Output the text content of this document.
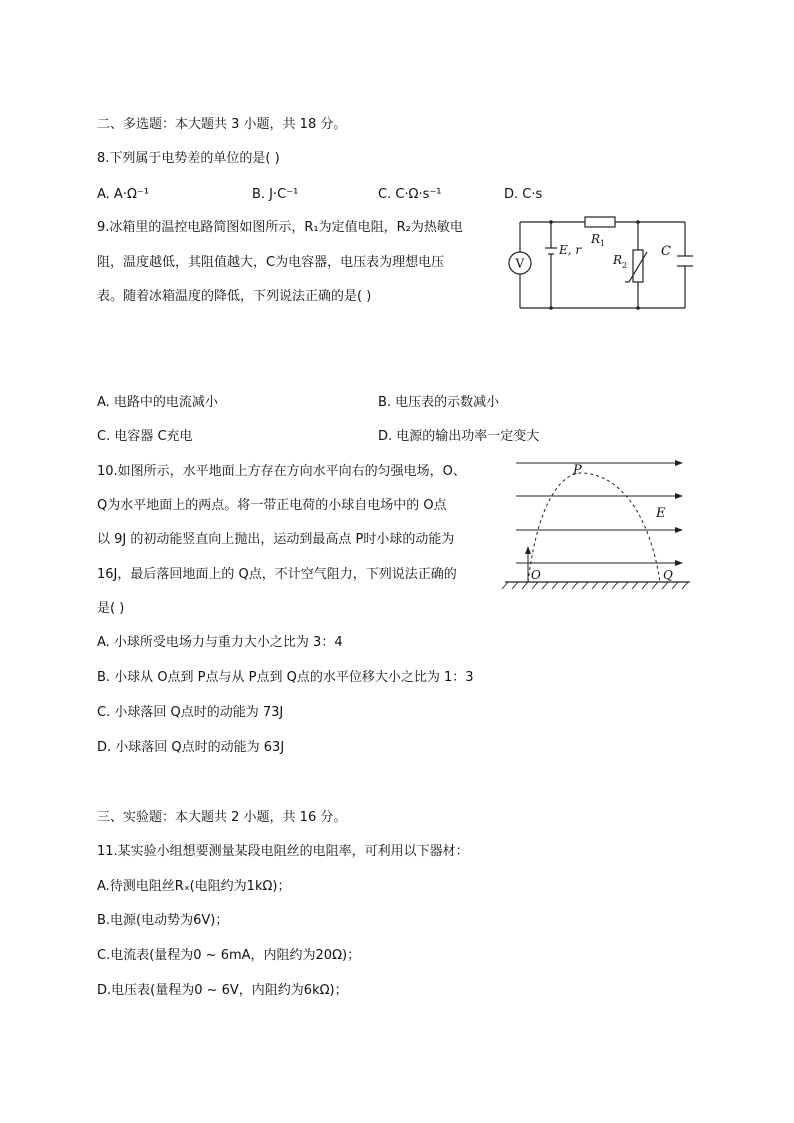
二、多选题：本大题共 3 小题，共 18 分。
8.下列属于电势差的单位的是( )
A. A·Ω⁻¹	B. J·C⁻¹	C. C·Ω·s⁻¹	D. C·s
9.冰箱里的温控电路简图如图所示，R₁为定值电阻，R₂为热敏电
阻，温度越低，其阻值越大，C为电容器，电压表为理想电压
表。随着冰箱温度的降低，下列说法正确的是( )
V
E, r
R 1
R 2
C
A. 电路中的电流减小	B. 电压表的示数减小
C. 电容器 C充电	D. 电源的输出功率一定变大
10.如图所示，水平地面上方存在方向水平向右的匀强电场，O、
Q为水平地面上的两点。将一带正电荷的小球自电场中的 O点
以 9J 的初动能竖直向上抛出，运动到最高点 P时小球的动能为
16J，最后落回地面上的 Q点，不计空气阻力，下列说法正确的
是( )
P
E
O	Q
A. 小球所受电场力与重力大小之比为 3：4
B. 小球从 O点到 P点与从 P点到 Q点的水平位移大小之比为 1：3
C. 小球落回 Q点时的动能为 73J
D. 小球落回 Q点时的动能为 63J
三、实验题：本大题共 2 小题，共 16 分。
11.某实验小组想要测量某段电阻丝的电阻率，可利用以下器材：
A.待测电阻丝Rₓ(电阻约为1kΩ)；
B.电源(电动势为6V)；
C.电流表(量程为0 ~ 6mA，内阻约为20Ω)；
D.电压表(量程为0 ~ 6V，内阻约为6kΩ)；
